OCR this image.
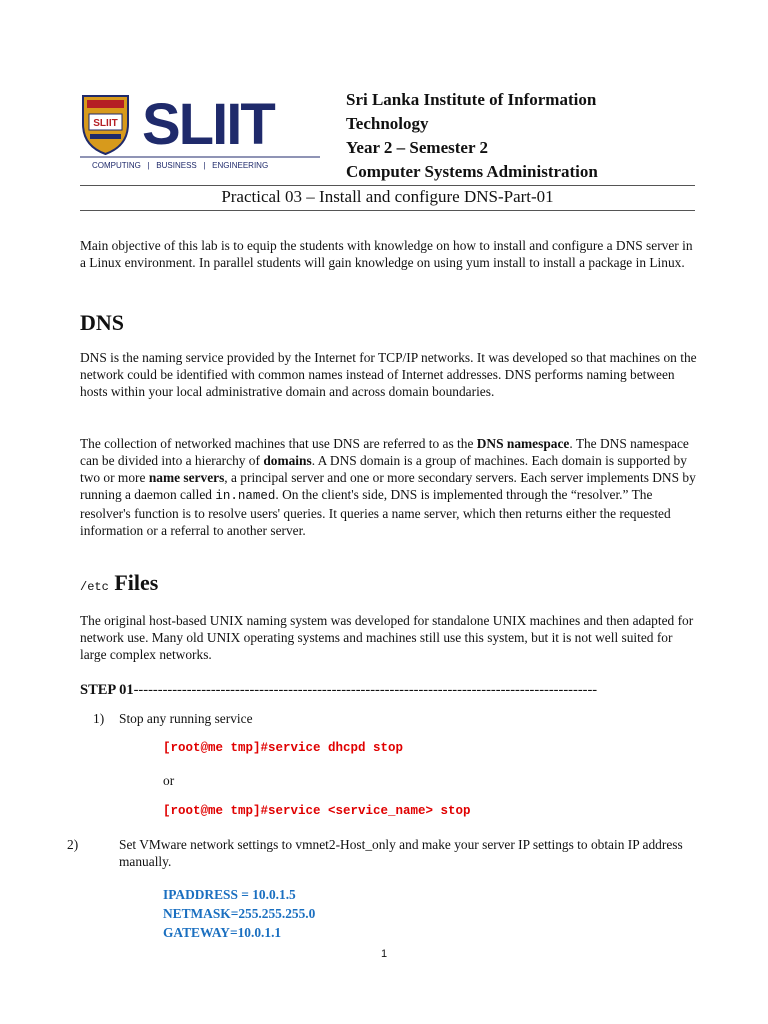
SLIIT SLIIT
COMPUTING   |   BUSINESS   |   ENGINEERING
Sri Lanka Institute of Information
Technology
Year 2 – Semester 2
Computer Systems Administration
Practical 03 – Install and configure DNS-Part-01
Main objective of this lab is to equip the students with knowledge on how to install and configure a DNS server in a Linux environment. In parallel students will gain knowledge on using yum install to install a package in Linux.
DNS
DNS is the naming service provided by the Internet for TCP/IP networks. It was developed so that machines on the network could be identified with common names instead of Internet addresses. DNS performs naming between hosts within your local administrative domain and across domain boundaries.
The collection of networked machines that use DNS are referred to as the DNS namespace. The DNS namespace can be divided into a hierarchy of domains. A DNS domain is a group of machines. Each domain is supported by two or more name servers, a principal server and one or more secondary servers. Each server implements DNS by running a daemon called in.named. On the client's side, DNS is implemented through the “resolver.” The resolver's function is to resolve users' queries. It queries a name server, which then returns either the requested information or a referral to another server.
/etc Files
The original host-based UNIX naming system was developed for standalone UNIX machines and then adapted for network use. Many old UNIX operating systems and machines still use this system, but it is not well suited for large complex networks.
STEP 01------------------------------------------------------------------------------------------------
1) Stop any running service
[root@me tmp]#service dhcpd stop
or
[root@me tmp]#service <service_name> stop
2)	Set VMware network settings to vmnet2-Host_only and make your server IP settings to obtain IP address manually.
IPADDRESS = 10.0.1.5
NETMASK=255.255.255.0
GATEWAY=10.0.1.1
1
